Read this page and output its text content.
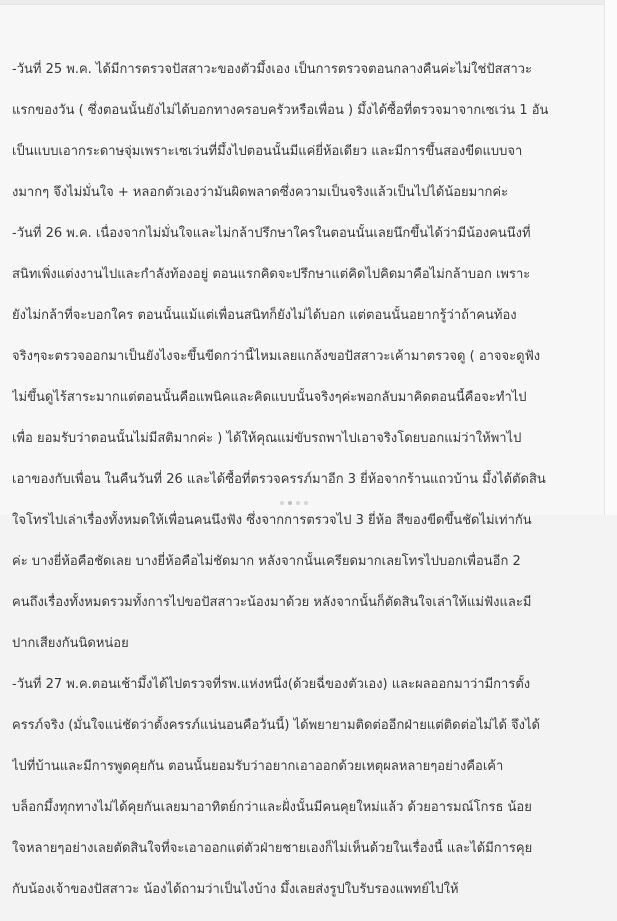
-วันที่ 25 พ.ค. ได้มีการตรวจปัสสาวะของตัวมึ้งเอง เป็นการตรวจตอนกลางคืนค่ะไม่ใช่ปัสสาวะ

แรกของวัน ( ซึ่งตอนนั้นยังไม่ได้บอกทางครอบครัวหรือเพื่อน ) มึ้งได้ซื้อที่ตรวจมาจากเซเว่น 1 อัน

เป็นแบบเอากระดาษจุ่มเพราะเซเว่นที่มึ้งไปตอนนั้นมีแค่ยี่ห้อเดียว และมีการขึ้นสองขีดแบบจา

งมากๆ จึงไม่มั่นใจ + หลอกตัวเองว่ามันผิดพลาดซึ่งความเป็นจริงแล้วเป็นไปได้น้อยมากค่ะ

-วันที่ 26 พ.ค. เนื่องจากไม่มั่นใจและไม่กล้าปรึกษาใครในตอนนั้นเลยนึกขึ้นได้ว่ามีน้องคนนึงที่

สนิทเพิ่งแต่งงานไปและกำลังท้องอยู่ ตอนแรกคิดจะปรึกษาแต่คิดไปคิดมาคือไม่กล้าบอก เพราะ

ยังไม่กล้าที่จะบอกใคร ตอนนั้นแม้แต่เพื่อนสนิทก็ยังไม่ได้บอก แต่ตอนนั้นอยากรู้ว่าถ้าคนท้อง

จริงๆจะตรวจออกมาเป็นยังไงจะขึ้นขีดกว่านี้ไหมเลยแกล้งขอปัสสาวะเค้ามาตรวจดู ( อาจจะดูฟัง

ไม่ขึ้นดูไร้สาระมากแต่ตอนนั้นคือแพนิคและคิดแบบนั้นจริงๆค่ะพอกลับมาคิดตอนนี้คือจะทำไป

เพื่อ ยอมรับว่าตอนนั้นไม่มีสติมากค่ะ ) ได้ให้คุณแม่ขับรถพาไปเอาจริงโดยบอกแม่ว่าให้พาไป

เอาของกับเพื่อน ในคืนวันที่ 26 และได้ซื้อที่ตรวจครรภ์มาอีก 3 ยี่ห้อจากร้านแถวบ้าน มึ้งได้ตัดสิน

ใจโทรไปเล่าเรื่องทั้งหมดให้เพื่อนคนนึงฟัง ซึ่งจากการตรวจไป 3 ยี่ห้อ สีของขีดขึ้นชัดไม่เท่ากัน

ค่ะ บางยี่ห้อคือชัดเลย บางยี่ห้อคือไม่ชัดมาก หลังจากนั้นเครียดมากเลยโทรไปบอกเพื่อนอีก 2

คนถึงเรื่องทั้งหมดรวมทั้งการไปขอปัสสาวะน้องมาด้วย หลังจากนั้นก็ตัดสินใจเล่าให้แม่ฟังและมี

ปากเสียงกันนิดหน่อย

-วันที่ 27 พ.ค.ตอนเช้ามึ้งได้ไปตรวจที่รพ.แห่งหนึ่ง(ด้วยฉี่ของตัวเอง) และผลออกมาว่ามีการตั้ง

ครรภ์จริง (มั่นใจแน่ชัดว่าตั้งครรภ์แน่นอนคือวันนี้) ได้พยายามติดต่ออีกฝ่ายแต่ติดต่อไม่ได้ จึงได้

ไปที่บ้านและมีการพูดคุยกัน ตอนนั้นยอมรับว่าอยากเอาออกด้วยเหตุผลหลายๆอย่างคือเค้า

บล็อกมึ้งทุกทางไม่ได้คุยกันเลยมาอาทิตย์กว่าและฝั่งนั้นมีคนคุยใหม่แล้ว ด้วยอารมณ์โกรธ น้อย

ใจหลายๆอย่างเลยตัดสินใจที่จะเอาออกแต่ตัวฝ่ายชายเองก็ไม่เห็นด้วยในเรื่องนี้ และได้มีการคุย

กับน้องเจ้าของปัสสาวะ น้องได้ถามว่าเป็นไงบ้าง มึ้งเลยส่งรูปใบรับรองแพทย์ไปให้
